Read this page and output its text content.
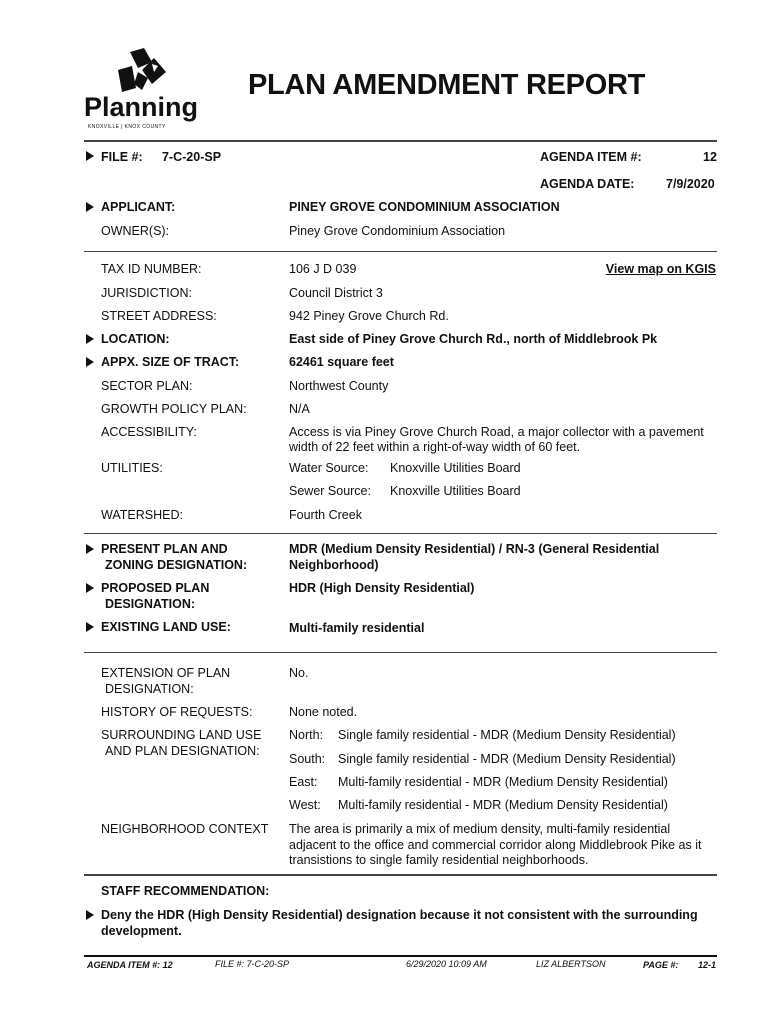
Planning
KNOXVILLE | KNOX COUNTY
PLAN AMENDMENT REPORT
FILE #: 7-C-20-SP	AGENDA ITEM #:	12
AGENDA DATE:	7/9/2020
APPLICANT:	PINEY GROVE CONDOMINIUM ASSOCIATION
OWNER(S):	Piney Grove Condominium Association
TAX ID NUMBER:	106 J D 039	View map on KGIS
JURISDICTION:	Council District 3
STREET ADDRESS:	942 Piney Grove Church Rd.
LOCATION:	East side of Piney Grove Church Rd., north of Middlebrook Pk
APPX. SIZE OF TRACT:	62461 square feet
SECTOR PLAN:	Northwest County
GROWTH POLICY PLAN:	N/A
ACCESSIBILITY:	Access is via Piney Grove Church Road, a major collector with a pavement width of 22 feet within a right-of-way width of 60 feet.
UTILITIES:	Water Source: Knoxville Utilities Board
Sewer Source: Knoxville Utilities Board
WATERSHED:	Fourth Creek
PRESENT PLAN AND
ZONING DESIGNATION:
MDR (Medium Density Residential) / RN-3 (General Residential
Neighborhood)
PROPOSED PLAN
DESIGNATION:
HDR (High Density Residential)
EXISTING LAND USE:	Multi-family residential
EXTENSION OF PLAN
DESIGNATION:
No.
HISTORY OF REQUESTS:	None noted.
SURROUNDING LAND USE
AND PLAN DESIGNATION:
North: Single family residential - MDR (Medium Density Residential)
South: Single family residential - MDR (Medium Density Residential)
East: Multi-family residential - MDR (Medium Density Residential)
West: Multi-family residential - MDR (Medium Density Residential)
NEIGHBORHOOD CONTEXT The area is primarily a mix of medium density, multi-family residential adjacent to the office and commercial corridor along Middlebrook Pike as it transistions to single family residential neighborhoods.
STAFF RECOMMENDATION:
Deny the HDR (High Density Residential) designation because it not consistent with the surrounding
development.
AGENDA ITEM #: 12	FILE #: 7-C-20-SP	6/29/2020 10:09 AM	LIZ ALBERTSON	PAGE #: 12-1
